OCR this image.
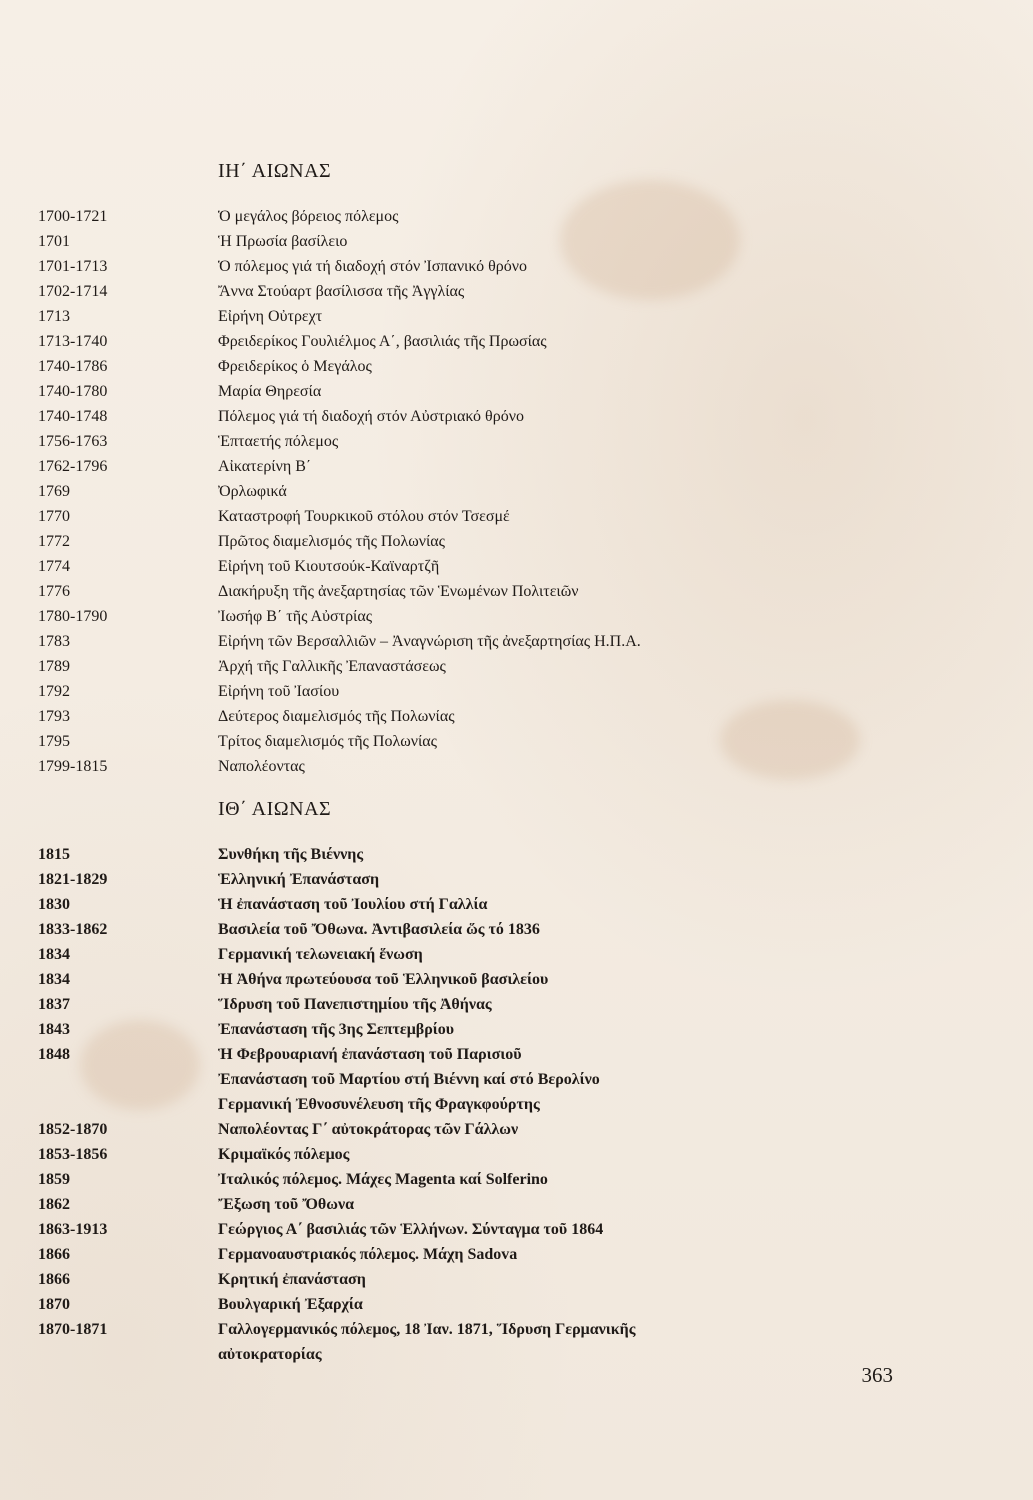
ΙΗ΄ ΑΙΩΝΑΣ
1700-1721	Ὁ μεγάλος βόρειος πόλεμος
1701	Ἡ Πρωσία βασίλειο
1701-1713	Ὁ πόλεμος γιά τή διαδοχή στόν Ἰσπανικό θρόνο
1702-1714	Ἄννα Στούαρτ βασίλισσα τῆς Ἀγγλίας
1713	Εἰρήνη Οὐτρεχτ
1713-1740	Φρειδερίκος Γουλιέλμος Α΄, βασιλιάς τῆς Πρωσίας
1740-1786	Φρειδερίκος ὁ Μεγάλος
1740-1780	Μαρία Θηρεσία
1740-1748	Πόλεμος γιά τή διαδοχή στόν Αὐστριακό θρόνο
1756-1763	Ἑπταετής πόλεμος
1762-1796	Αἰκατερίνη Β΄
1769	Ὀρλωφικά
1770	Καταστροφή Τουρκικοῦ στόλου στόν Τσεσμέ
1772	Πρῶτος διαμελισμός τῆς Πολωνίας
1774	Εἰρήνη τοῦ Κιουτσούκ-Καϊναρτζῆ
1776	Διακήρυξη τῆς ἀνεξαρτησίας τῶν Ἑνωμένων Πολιτειῶν
1780-1790	Ἰωσήφ Β΄ τῆς Αὐστρίας
1783	Εἰρήνη τῶν Βερσαλλιῶν – Ἀναγνώριση τῆς ἀνεξαρτησίας Η.Π.Α.
1789	Ἀρχή τῆς Γαλλικῆς Ἐπαναστάσεως
1792	Εἰρήνη τοῦ Ἰασίου
1793	Δεύτερος διαμελισμός τῆς Πολωνίας
1795	Τρίτος διαμελισμός τῆς Πολωνίας
1799-1815	Ναπολέοντας
ΙΘ΄ ΑΙΩΝΑΣ
1815	Συνθήκη τῆς Βιέννης
1821-1829	Ἑλληνική Ἐπανάσταση
1830	Ἡ ἐπανάσταση τοῦ Ἰουλίου στή Γαλλία
1833-1862	Βασιλεία τοῦ Ὄθωνα. Ἀντιβασιλεία ὥς τό 1836
1834	Γερμανική τελωνειακή ἕνωση
1834	Ἡ Ἀθήνα πρωτεύουσα τοῦ Ἑλληνικοῦ βασιλείου
1837	Ἵδρυση τοῦ Πανεπιστημίου τῆς Ἀθήνας
1843	Ἐπανάσταση τῆς 3ης Σεπτεμβρίου
1848	Ἡ Φεβρουαριανή ἐπανάσταση τοῦ Παρισιοῦ
Ἐπανάσταση τοῦ Μαρτίου στή Βιέννη καί στό Βερολίνο
Γερμανική Ἐθνοσυνέλευση τῆς Φραγκφούρτης
1852-1870	Ναπολέοντας Γ΄ αὐτοκράτορας τῶν Γάλλων
1853-1856	Κριμαϊκός πόλεμος
1859	Ἰταλικός πόλεμος. Μάχες Magenta καί Solferino
1862	Ἔξωση τοῦ Ὄθωνα
1863-1913	Γεώργιος Α΄ βασιλιάς τῶν Ἑλλήνων. Σύνταγμα τοῦ 1864
1866	Γερμανοαυστριακός πόλεμος. Μάχη Sadova
1866	Κρητική ἐπανάσταση
1870	Βουλγαρική Ἐξαρχία
1870-1871	Γαλλογερμανικός πόλεμος, 18 Ἰαν. 1871, Ἵδρυση Γερμανικῆς
αὐτοκρατορίας
363
